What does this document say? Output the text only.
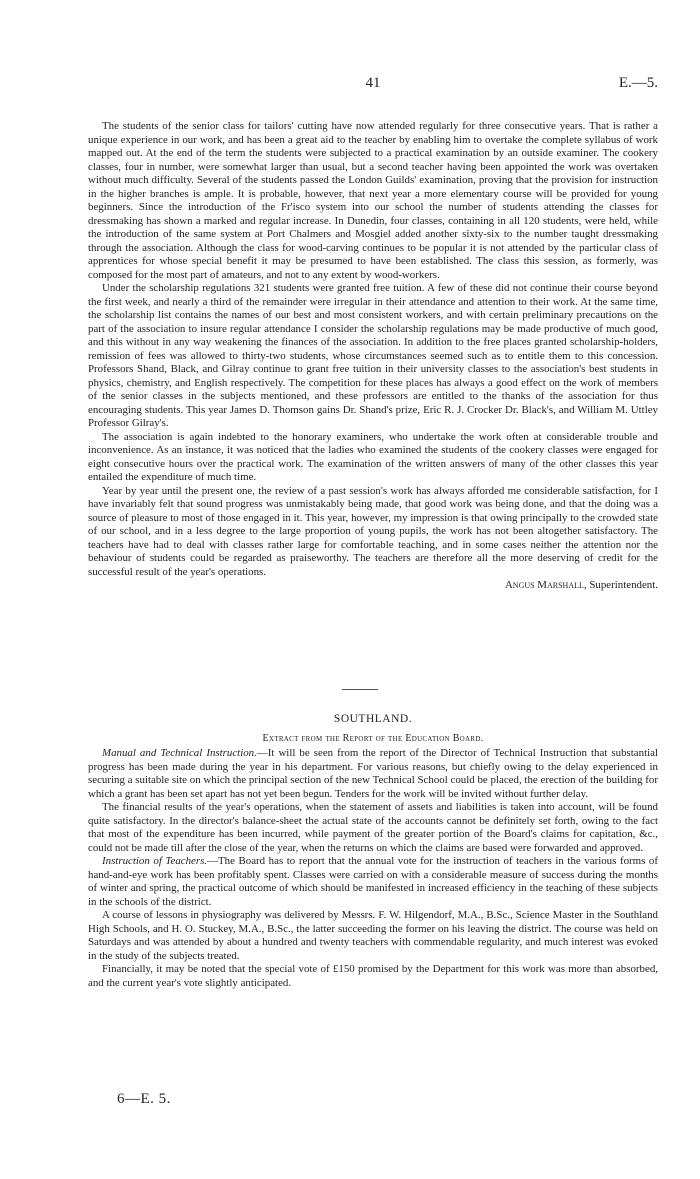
41	E.—5.

The students of the senior class for tailors' cutting have now attended regularly for three consecutive years. That is rather a unique experience in our work, and has been a great aid to the teacher by enabling him to overtake the complete syllabus of work mapped out. At the end of the term the students were subjected to a practical examination by an outside examiner. The cookery classes, four in number, were somewhat larger than usual, but a second teacher having been appointed the work was overtaken without much difficulty. Several of the students passed the London Guilds' examination, proving that the provision for instruction in the higher branches is ample. It is probable, however, that next year a more elementary course will be provided for young beginners. Since the introduction of the Fr'isco system into our school the number of students attending the classes for dressmaking has shown a marked and regular increase. In Dunedin, four classes, containing in all 120 students, were held, while the introduction of the same system at Port Chalmers and Mosgiel added another sixty-six to the number taught dressmaking through the association. Although the class for wood-carving continues to be popular it is not attended by the particular class of apprentices for whose special benefit it may be presumed to have been established. The class this session, as formerly, was composed for the most part of amateurs, and not to any extent by wood-workers.

Under the scholarship regulations 321 students were granted free tuition. A few of these did not continue their course beyond the first week, and nearly a third of the remainder were irregular in their attendance and attention to their work. At the same time, the scholarship list contains the names of our best and most consistent workers, and with certain preliminary precautions on the part of the association to insure regular attendance I consider the scholarship regulations may be made productive of much good, and this without in any way weakening the finances of the association. In addition to the free places granted scholarship-holders, remission of fees was allowed to thirty-two students, whose circumstances seemed such as to entitle them to this concession. Professors Shand, Black, and Gilray continue to grant free tuition in their university classes to the association's best students in physics, chemistry, and English respectively. The competition for these places has always a good effect on the work of members of the senior classes in the subjects mentioned, and these professors are entitled to the thanks of the association for thus encouraging students. This year James D. Thomson gains Dr. Shand's prize, Eric R. J. Crocker Dr. Black's, and William M. Uttley Professor Gilray's.

The association is again indebted to the honorary examiners, who undertake the work often at considerable trouble and inconvenience. As an instance, it was noticed that the ladies who examined the students of the cookery classes were engaged for eight consecutive hours over the practical work. The examination of the written answers of many of the other classes this year entailed the expenditure of much time.

Year by year until the present one, the review of a past session's work has always afforded me considerable satisfaction, for I have invariably felt that sound progress was unmistakably being made, that good work was being done, and that the doing was a source of pleasure to most of those engaged in it. This year, however, my impression is that owing principally to the crowded state of our school, and in a less degree to the large proportion of young pupils, the work has not been altogether satisfactory. The teachers have had to deal with classes rather large for comfortable teaching, and in some cases neither the attention nor the behaviour of students could be regarded as praiseworthy. The teachers are therefore all the more deserving of credit for the successful result of the year's operations.
Angus Marshall, Superintendent.

SOUTHLAND.
Extract from the Report of the Education Board.

Manual and Technical Instruction.—It will be seen from the report of the Director of Technical Instruction that substantial progress has been made during the year in his department. For various reasons, but chiefly owing to the delay experienced in securing a suitable site on which the principal section of the new Technical School could be placed, the erection of the building for which a grant has been set apart has not yet been begun. Tenders for the work will be invited without further delay.

The financial results of the year's operations, when the statement of assets and liabilities is taken into account, will be found quite satisfactory. In the director's balance-sheet the actual state of the accounts cannot be definitely set forth, owing to the fact that most of the expenditure has been incurred, while payment of the greater portion of the Board's claims for capitation, &c., could not be made till after the close of the year, when the returns on which the claims are based were forwarded and approved.

Instruction of Teachers.—The Board has to report that the annual vote for the instruction of teachers in the various forms of hand-and-eye work has been profitably spent. Classes were carried on with a considerable measure of success during the months of winter and spring, the practical outcome of which should be manifested in increased efficiency in the teaching of these subjects in the schools of the district.

A course of lessons in physiography was delivered by Messrs. F. W. Hilgendorf, M.A., B.Sc., Science Master in the Southland High Schools, and H. O. Stuckey, M.A., B.Sc., the latter succeeding the former on his leaving the district. The course was held on Saturdays and was attended by about a hundred and twenty teachers with commendable regularity, and much interest was evoked in the study of the subjects treated.

Financially, it may be noted that the special vote of £150 promised by the Department for this work was more than absorbed, and the current year's vote slightly anticipated.

6—E. 5.
